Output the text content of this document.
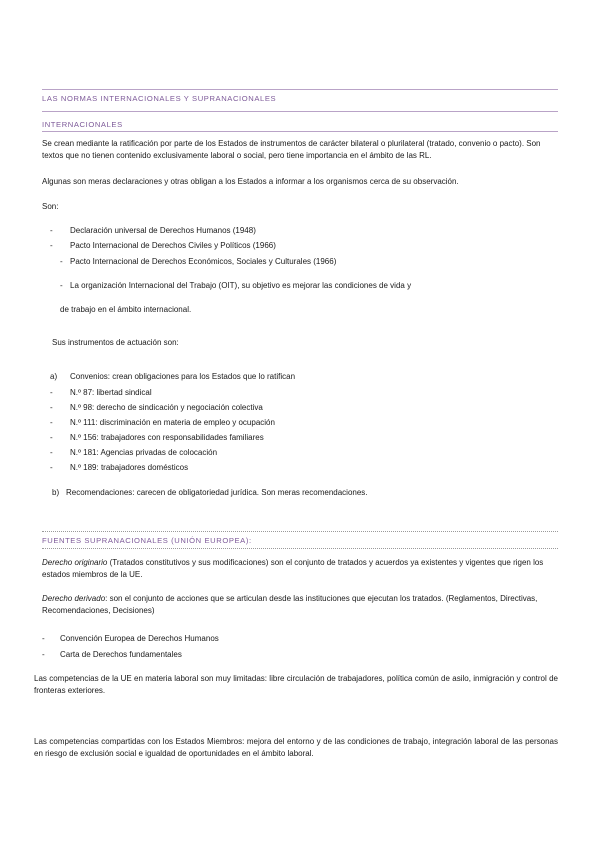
LAS NORMAS INTERNACIONALES Y SUPRANACIONALES
INTERNACIONALES
Se crean mediante la ratificación por parte de los Estados de instrumentos de carácter bilateral o plurilateral (tratado, convenio o pacto). Son textos que no tienen contenido exclusivamente laboral o social, pero tiene importancia en el ámbito de las RL.
Algunas son meras declaraciones y otras obligan a los Estados a informar a los organismos cerca de su observación.
Son:
- Declaración universal de Derechos Humanos (1948)
- Pacto Internacional de Derechos Civiles y Políticos (1966)
- Pacto Internacional de Derechos Económicos, Sociales y Culturales (1966)
- La organización Internacional del Trabajo (OIT), su objetivo es mejorar las condiciones de vida y
de trabajo en el ámbito internacional.
Sus instrumentos de actuación son:
a) Convenios: crean obligaciones para los Estados que lo ratifican
- N.º 87: libertad sindical
- N.º 98: derecho de sindicación y negociación colectiva
- N.º 111: discriminación en materia de empleo y ocupación
- N.º 156: trabajadores con responsabilidades familiares
- N.º 181: Agencias privadas de colocación
- N.º 189: trabajadores domésticos
b) Recomendaciones: carecen de obligatoriedad jurídica. Son meras recomendaciones.
FUENTES SUPRANACIONALES (UNIÓN EUROPEA):
Derecho originario (Tratados constitutivos y sus modificaciones) son el conjunto de tratados y acuerdos ya existentes y vigentes que rigen los estados miembros de la UE.
Derecho derivado: son el conjunto de acciones que se articulan desde las instituciones que ejecutan los tratados. (Reglamentos, Directivas, Recomendaciones, Decisiones)
- Convención Europea de Derechos Humanos
- Carta de Derechos fundamentales
Las competencias de la UE en materia laboral son muy limitadas: libre circulación de trabajadores, política común de asilo, inmigración y control de fronteras exteriores.
Las competencias compartidas con los Estados Miembros: mejora del entorno y de las condiciones de trabajo, integración laboral de las personas en riesgo de exclusión social e igualdad de oportunidades en el ámbito laboral.
